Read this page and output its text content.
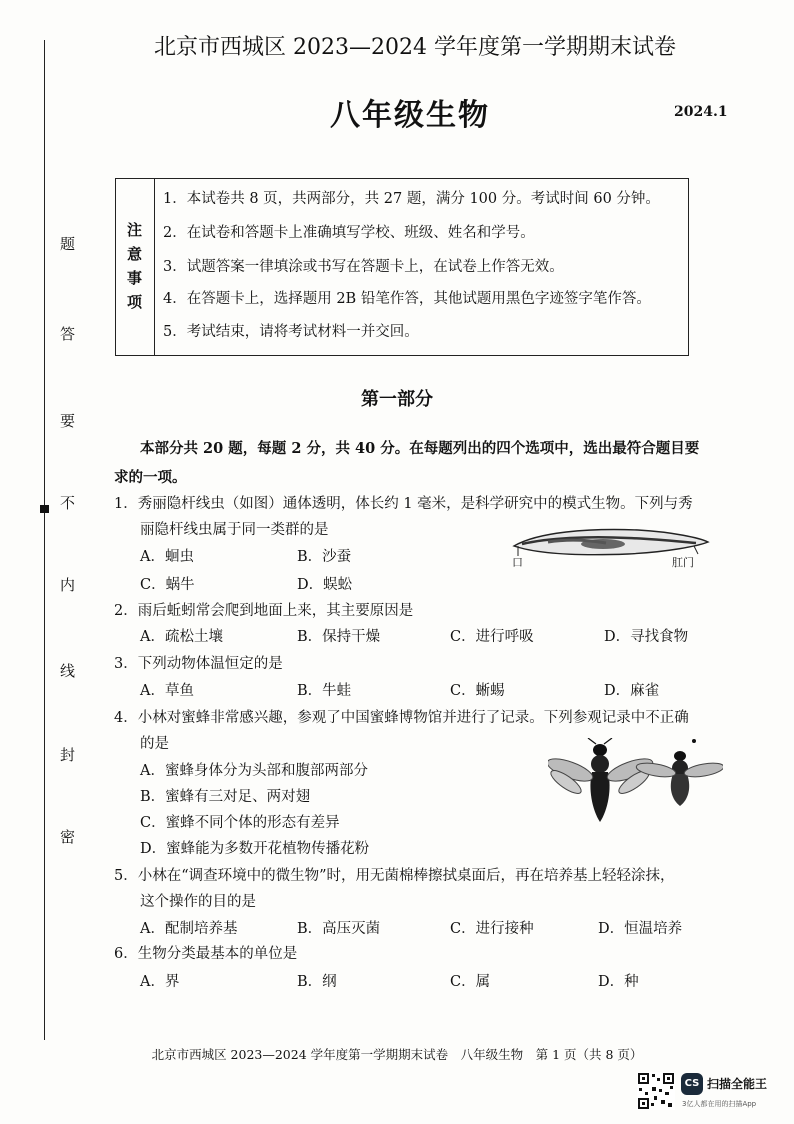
题
答
要
不
内
线
封
密
北京市西城区 2023—2024 学年度第一学期期末试卷
八年级生物	2024.1
注
意
事
项
1．本试卷共 8 页，共两部分，共 27 题，满分 100 分。考试时间 60 分钟。
2．在试卷和答题卡上准确填写学校、班级、姓名和学号。
3．试题答案一律填涂或书写在答题卡上，在试卷上作答无效。
4．在答题卡上，选择题用 2B 铅笔作答，其他试题用黑色字迹签字笔作答。
5．考试结束，请将考试材料一并交回。
第一部分
本部分共 20 题，每题 2 分，共 40 分。在每题列出的四个选项中，选出最符合题目要
求的一项。
1．秀丽隐杆线虫（如图）通体透明，体长约 1 毫米，是科学研究中的模式生物。下列与秀
丽隐杆线虫属于同一类群的是
A．蛔虫	B．沙蚕
C．蜗牛	D．蜈蚣
口	肛门
2．雨后蚯蚓常会爬到地面上来，其主要原因是
A．疏松土壤	B．保持干燥	C．进行呼吸	D．寻找食物
3．下列动物体温恒定的是
A．草鱼	B．牛蛙	C．蜥蜴	D．麻雀
4．小林对蜜蜂非常感兴趣，参观了中国蜜蜂博物馆并进行了记录。下列参观记录中不正确
的是
A．蜜蜂身体分为头部和腹部两部分
B．蜜蜂有三对足、两对翅
C．蜜蜂不同个体的形态有差异
D．蜜蜂能为多数开花植物传播花粉
5．小林在“调查环境中的微生物”时，用无菌棉棒擦拭桌面后，再在培养基上轻轻涂抹，
这个操作的目的是
A．配制培养基	B．高压灭菌	C．进行接种	D．恒温培养
6．生物分类最基本的单位是
A．界	B．纲	C．属	D．种
北京市西城区 2023—2024 学年度第一学期期末试卷　八年级生物　第 1 页（共 8 页）
CS 扫描全能王
3亿人都在用的扫描App
